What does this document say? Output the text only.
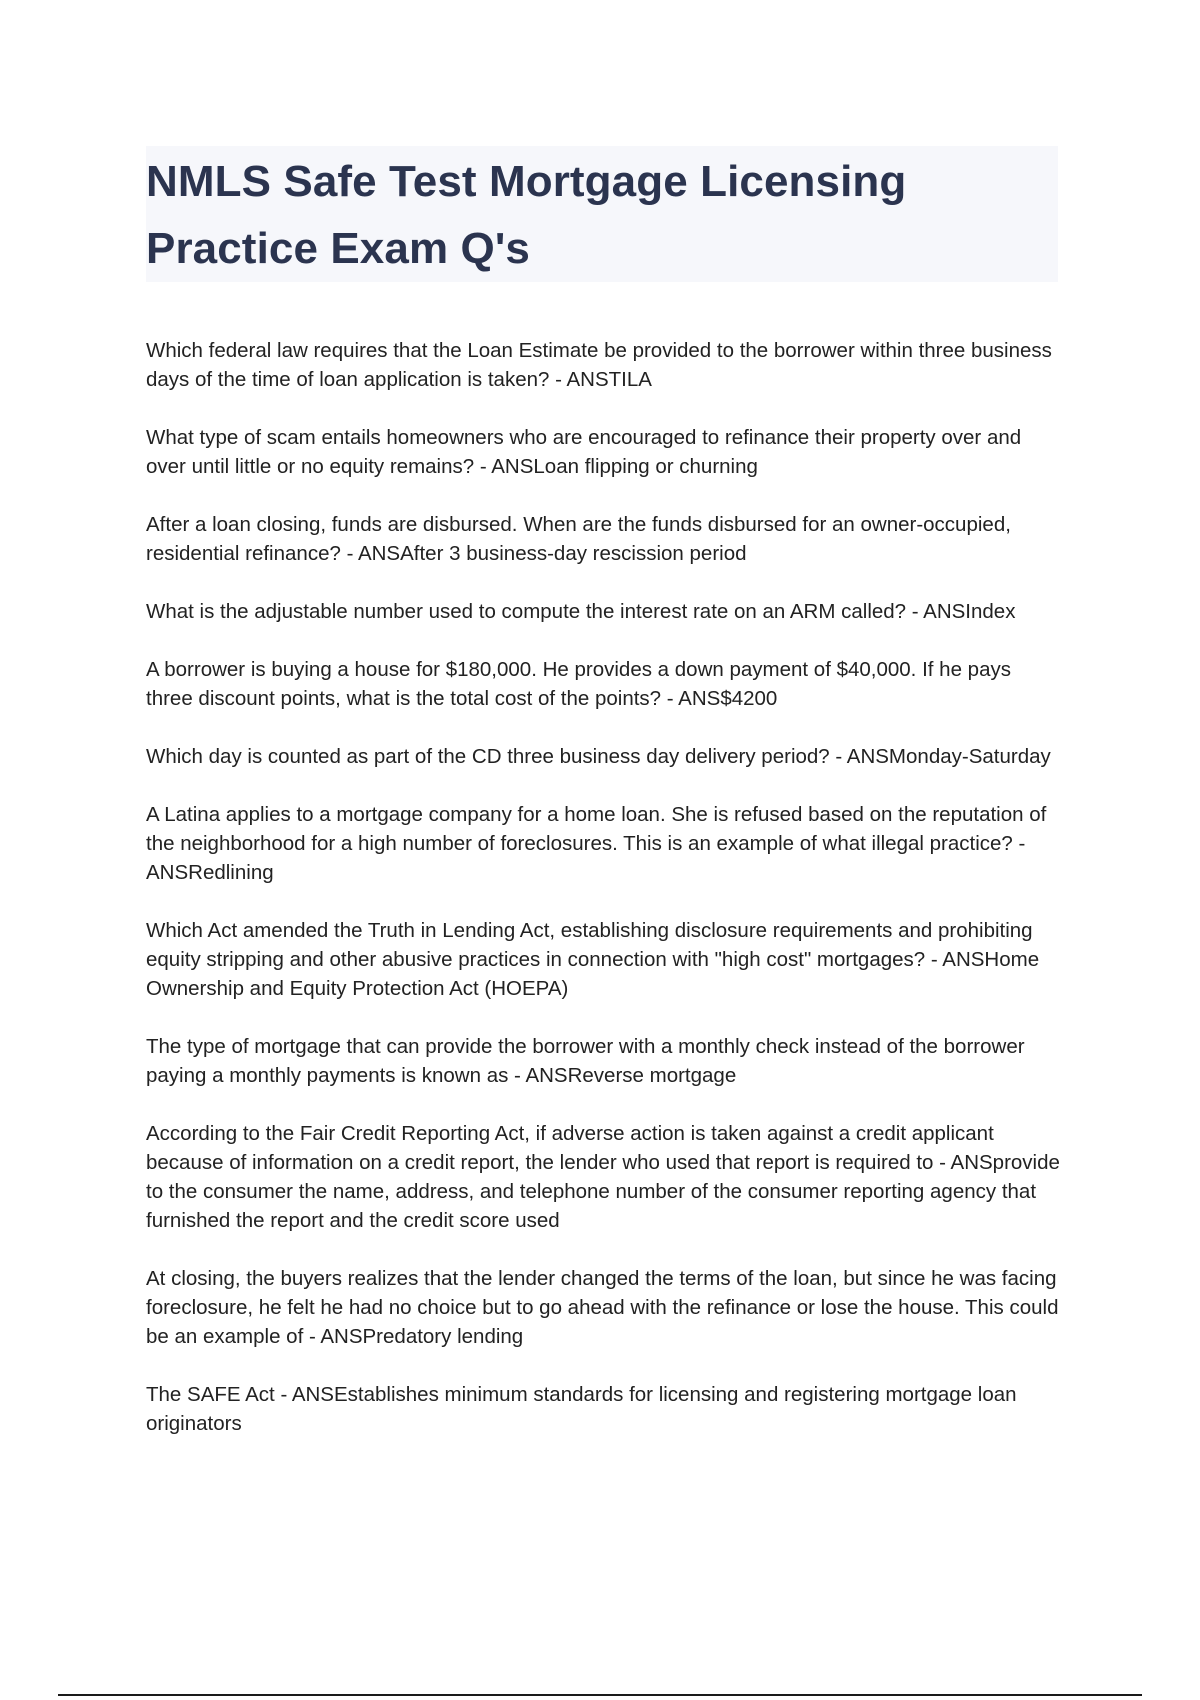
NMLS Safe Test Mortgage Licensing Practice Exam Q's
Which federal law requires that the Loan Estimate be provided to the borrower within three business days of the time of loan application is taken? - ANSTILA
What type of scam entails homeowners who are encouraged to refinance their property over and over until little or no equity remains? - ANSLoan flipping or churning
After a loan closing, funds are disbursed. When are the funds disbursed for an owner-occupied, residential refinance? - ANSAfter 3 business-day rescission period
What is the adjustable number used to compute the interest rate on an ARM called? - ANSIndex
A borrower is buying a house for $180,000. He provides a down payment of $40,000. If he pays three discount points, what is the total cost of the points? - ANS$4200
Which day is counted as part of the CD three business day delivery period? - ANSMonday-Saturday
A Latina applies to a mortgage company for a home loan. She is refused based on the reputation of the neighborhood for a high number of foreclosures. This is an example of what illegal practice? - ANSRedlining
Which Act amended the Truth in Lending Act, establishing disclosure requirements and prohibiting equity stripping and other abusive practices in connection with "high cost" mortgages? - ANSHome Ownership and Equity Protection Act (HOEPA)
The type of mortgage that can provide the borrower with a monthly check instead of the borrower paying a monthly payments is known as - ANSReverse mortgage
According to the Fair Credit Reporting Act, if adverse action is taken against a credit applicant because of information on a credit report, the lender who used that report is required to - ANSprovide to the consumer the name, address, and telephone number of the consumer reporting agency that furnished the report and the credit score used
At closing, the buyers realizes that the lender changed the terms of the loan, but since he was facing foreclosure, he felt he had no choice but to go ahead with the refinance or lose the house. This could be an example of - ANSPredatory lending
The SAFE Act - ANSEstablishes minimum standards for licensing and registering mortgage loan originators
